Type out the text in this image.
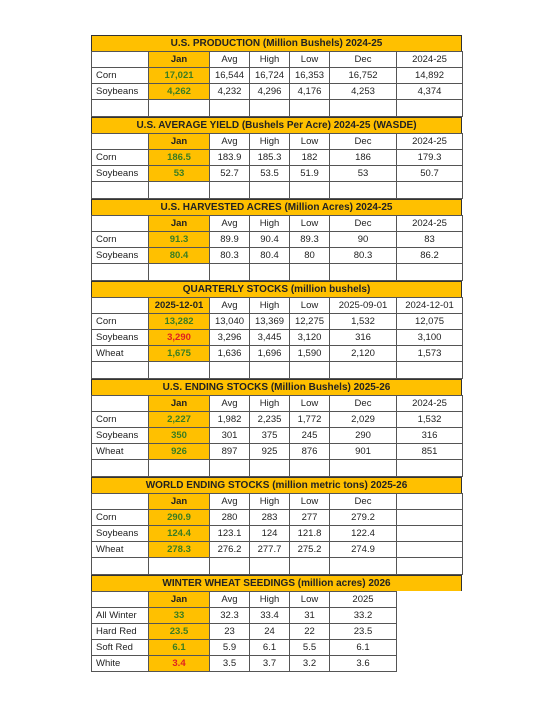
U.S. PRODUCTION (Million Bushels) 2024-25
	Jan	Avg	High	Low	Dec	2024-25
Corn	17,021	16,544	16,724	16,353	16,752	14,892
Soybeans	4,262	4,232	4,296	4,176	4,253	4,374

U.S. AVERAGE YIELD (Bushels Per Acre) 2024-25 (WASDE)
	Jan	Avg	High	Low	Dec	2024-25
Corn	186.5	183.9	185.3	182	186	179.3
Soybeans	53	52.7	53.5	51.9	53	50.7

U.S. HARVESTED ACRES (Million Acres) 2024-25
	Jan	Avg	High	Low	Dec	2024-25
Corn	91.3	89.9	90.4	89.3	90	83
Soybeans	80.4	80.3	80.4	80	80.3	86.2

QUARTERLY STOCKS (million bushels)
	2025-12-01	Avg	High	Low	2025-09-01	2024-12-01
Corn	13,282	13,040	13,369	12,275	1,532	12,075
Soybeans	3,290	3,296	3,445	3,120	316	3,100
Wheat	1,675	1,636	1,696	1,590	2,120	1,573

U.S. ENDING STOCKS (Million Bushels) 2025-26
	Jan	Avg	High	Low	Dec	2024-25
Corn	2,227	1,982	2,235	1,772	2,029	1,532
Soybeans	350	301	375	245	290	316
Wheat	926	897	925	876	901	851

WORLD ENDING STOCKS (million metric tons) 2025-26
	Jan	Avg	High	Low	Dec	
Corn	290.9	280	283	277	279.2	
Soybeans	124.4	123.1	124	121.8	122.4	
Wheat	278.3	276.2	277.7	275.2	274.9	

WINTER WHEAT SEEDINGS (million acres) 2026
	Jan	Avg	High	Low	2025
All Winter	33	32.3	33.4	31	33.2
Hard Red	23.5	23	24	22	23.5
Soft Red	6.1	5.9	6.1	5.5	6.1
White	3.4	3.5	3.7	3.2	3.6
